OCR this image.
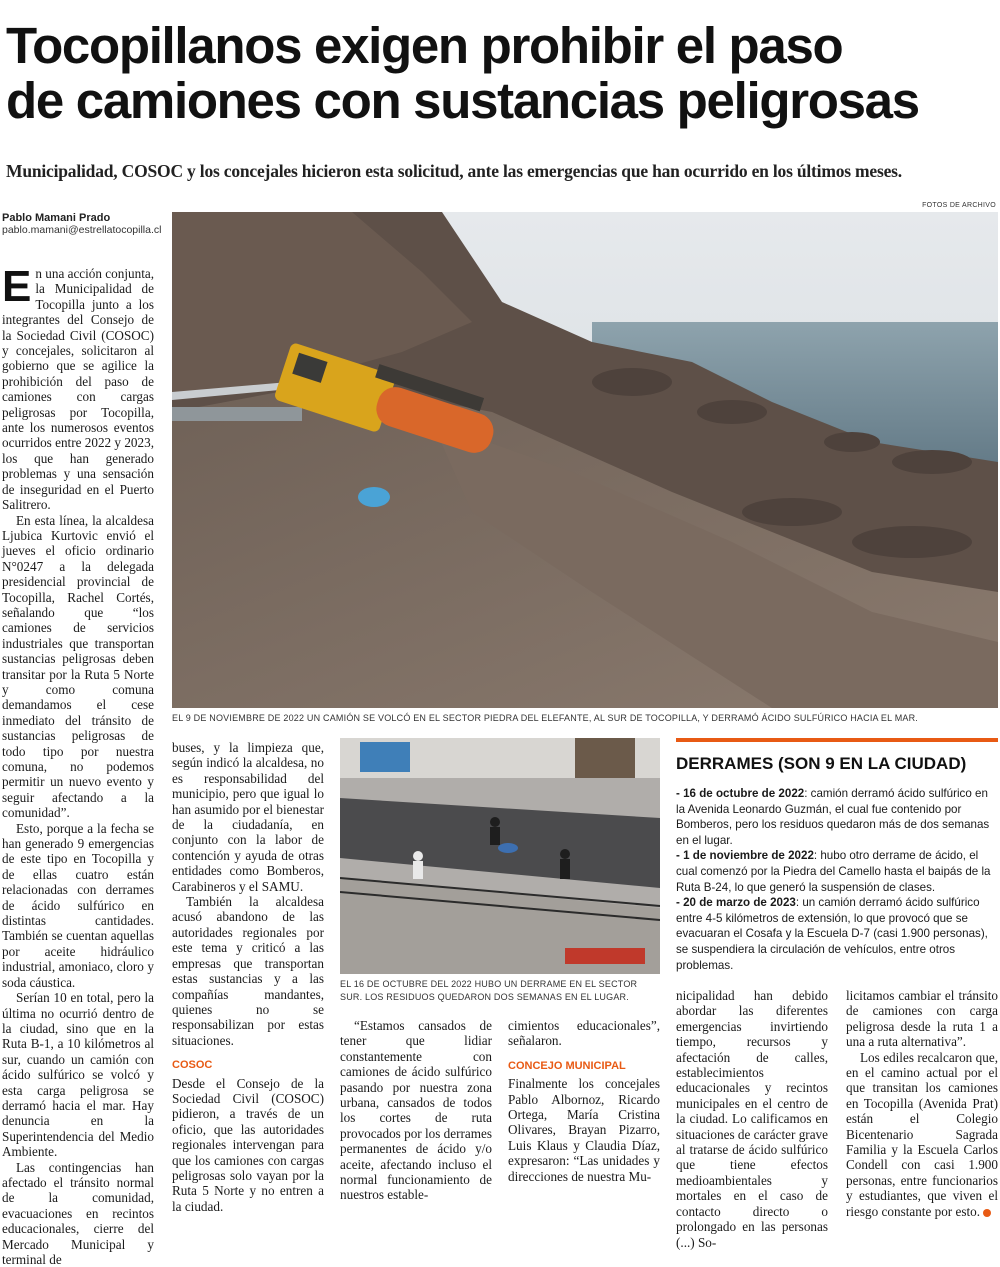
Tocopillanos exigen prohibir el paso
de camiones con sustancias peligrosas
Municipalidad, COSOC y los concejales hicieron esta solicitud, ante las emergencias que han ocurrido en los últimos meses.
Pablo Mamani Prado
pablo.mamani@estrellatocopilla.cl
FOTOS DE ARCHIVO
EL 9 DE NOVIEMBRE DE 2022 UN CAMIÓN SE VOLCÓ EN EL SECTOR PIEDRA DEL ELEFANTE, AL SUR DE TOCOPILLA, Y DERRAMÓ ÁCIDO SULFÚRICO HACIA EL MAR.
E n una acción conjunta, la Municipalidad de Tocopilla junto a los integrantes del Consejo de la Sociedad Civil (COSOC) y concejales, solicitaron al gobierno que se agilice la prohibición del paso de camiones con cargas peligrosas por Tocopilla, ante los numerosos eventos ocurridos entre 2022 y 2023, los que han generado problemas y una sensación de inseguridad en el Puerto Salitrero.

En esta línea, la alcaldesa Ljubica Kurtovic envió el jueves el oficio ordinario N°0247 a la delegada presidencial provincial de Tocopilla, Rachel Cortés, señalando que “los camiones de servicios industriales que transportan sustancias peligrosas deben transitar por la Ruta 5 Norte y como comuna demandamos el cese inmediato del tránsito de sustancias peligrosas de todo tipo por nuestra comuna, no podemos permitir un nuevo evento y seguir afectando a la comunidad”.

Esto, porque a la fecha se han generado 9 emergencias de este tipo en Tocopilla y de ellas cuatro están relacionadas con derrames de ácido sulfúrico en distintas cantidades. También se cuentan aquellas por aceite hidráulico industrial, amoniaco, cloro y soda cáustica.

Serían 10 en total, pero la última no ocurrió dentro de la ciudad, sino que en la Ruta B-1, a 10 kilómetros al sur, cuando un camión con ácido sulfúrico se volcó y esta carga peligrosa se derramó hacia el mar. Hay denuncia en la Superintendencia del Medio Ambiente.

Las contingencias han afectado el tránsito normal de la comunidad, evacuaciones en recintos educacionales, cierre del Mercado Municipal y terminal de

buses, y la limpieza que, según indicó la alcaldesa, no es responsabilidad del municipio, pero que igual lo han asumido por el bienestar de la ciudadanía, en conjunto con la labor de contención y ayuda de otras entidades como Bomberos, Carabineros y el SAMU.

También la alcaldesa acusó abandono de las autoridades regionales por este tema y criticó a las empresas que transportan estas sustancias y a las compañías mandantes, quienes no se responsabilizan por estas situaciones.

COSOC

Desde el Consejo de la Sociedad Civil (COSOC) pidieron, a través de un oficio, que las autoridades regionales intervengan para que los camiones con cargas peligrosas solo vayan por la Ruta 5 Norte y no entren a la ciudad.

EL 16 DE OCTUBRE DEL 2022 HUBO UN DERRAME EN EL SECTOR SUR. LOS RESIDUOS QUEDARON DOS SEMANAS EN EL LUGAR.

“Estamos cansados de tener que lidiar constantemente con camiones de ácido sulfúrico pasando por nuestra zona urbana, cansados de todos los cortes de ruta provocados por los derrames permanentes de ácido y/o aceite, afectando incluso el normal funcionamiento de nuestros estable-

cimientos educacionales”, señalaron.

CONCEJO MUNICIPAL

Finalmente los concejales Pablo Albornoz, Ricardo Ortega, María Cristina Olivares, Brayan Pizarro, Luis Klaus y Claudia Díaz, expresaron: “Las unidades y direcciones de nuestra Mu-

DERRAMES (SON 9 EN LA CIUDAD)

- 16 de octubre de 2022: camión derramó ácido sulfúrico en la Avenida Leonardo Guzmán, el cual fue contenido por Bomberos, pero los residuos quedaron más de dos semanas en el lugar.

- 1 de noviembre de 2022: hubo otro derrame de ácido, el cual comenzó por la Piedra del Camello hasta el baipás de la Ruta B-24, lo que generó la suspensión de clases.

- 20 de marzo de 2023: un camión derramó ácido sulfúrico entre 4-5 kilómetros de extensión, lo que provocó que se evacuaran el Cosafa y la Escuela D-7 (casi 1.900 personas), se suspendiera la circulación de vehículos, entre otros problemas.

nicipalidad han debido abordar las diferentes emergencias invirtiendo tiempo, recursos y afectación de calles, establecimientos educacionales y recintos municipales en el centro de la ciudad. Lo calificamos en situaciones de carácter grave al tratarse de ácido sulfúrico que tiene efectos medioambientales y mortales en el caso de contacto directo o prolongado en las personas (...) So-

licitamos cambiar el tránsito de camiones con carga peligrosa desde la ruta 1 a una a ruta alternativa”.

Los ediles recalcaron que, en el camino actual por el que transitan los camiones en Tocopilla (Avenida Prat) están el Colegio Bicentenario Sagrada Familia y la Escuela Carlos Condell con casi 1.900 personas, entre funcionarios y estudiantes, que viven el riesgo constante por esto.
